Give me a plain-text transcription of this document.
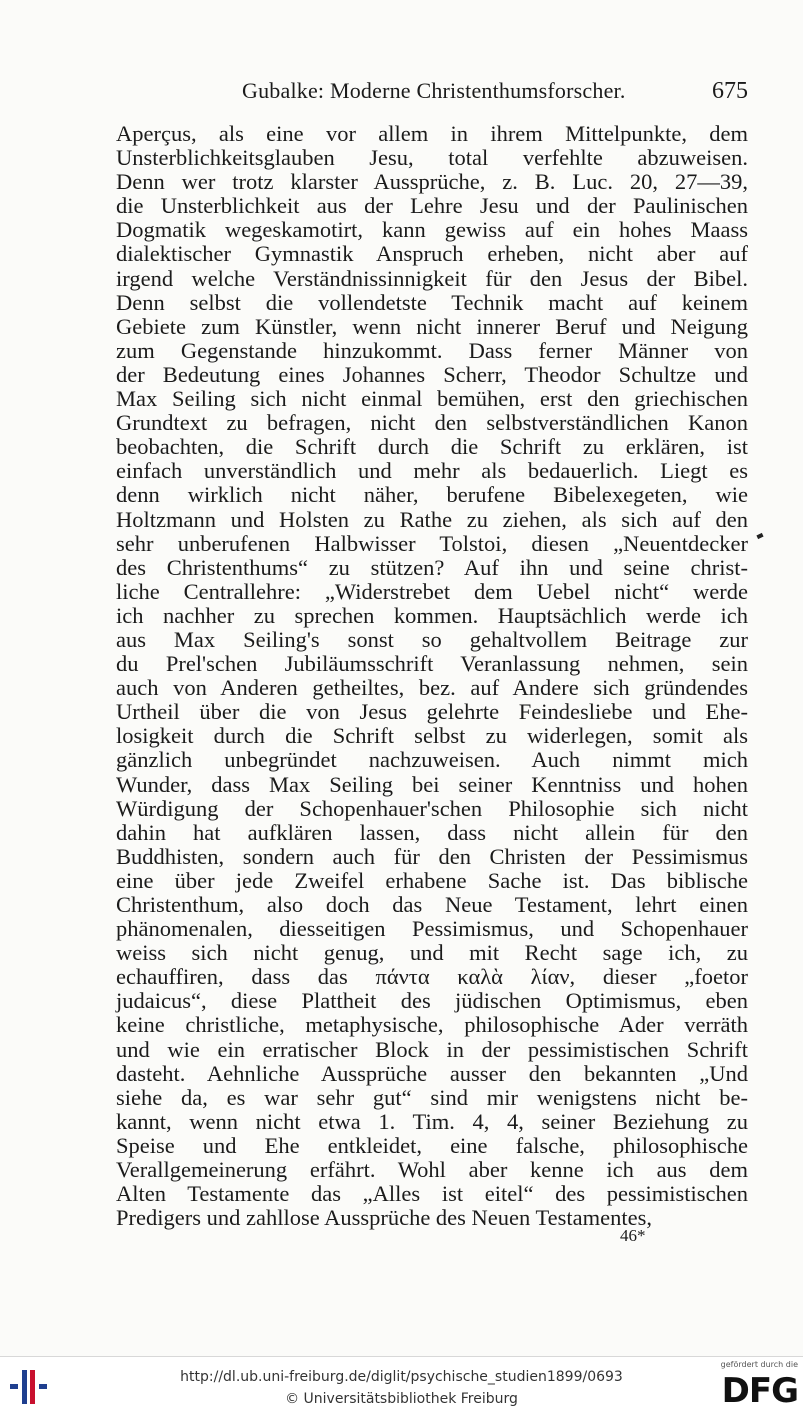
Gubalke: Moderne Christenthumsforscher.	675
Aperçus, als eine vor allem in ihrem Mittelpunkte, dem
Unsterblichkeitsglauben Jesu, total verfehlte abzuweisen.
Denn wer trotz klarster Aussprüche, z. B. Luc. 20, 27—39,
die Unsterblichkeit aus der Lehre Jesu und der Paulinischen
Dogmatik wegeskamotirt, kann gewiss auf ein hohes Maass
dialektischer Gymnastik Anspruch erheben, nicht aber auf
irgend welche Verständnissinnigkeit für den Jesus der Bibel.
Denn selbst die vollendetste Technik macht auf keinem
Gebiete zum Künstler, wenn nicht innerer Beruf und Neigung
zum Gegenstande hinzukommt. Dass ferner Männer von
der Bedeutung eines Johannes Scherr, Theodor Schultze und
Max Seiling sich nicht einmal bemühen, erst den griechischen
Grundtext zu befragen, nicht den selbstverständlichen Kanon
beobachten, die Schrift durch die Schrift zu erklären, ist
einfach unverständlich und mehr als bedauerlich. Liegt es
denn wirklich nicht näher, berufene Bibelexegeten, wie
Holtzmann und Holsten zu Rathe zu ziehen, als sich auf den
sehr unberufenen Halbwisser Tolstoi, diesen „Neuentdecker
des Christenthums“ zu stützen? Auf ihn und seine christ-
liche Centrallehre: „Widerstrebet dem Uebel nicht“ werde
ich nachher zu sprechen kommen. Hauptsächlich werde ich
aus Max Seiling's sonst so gehaltvollem Beitrage zur
du Prel'schen Jubiläumsschrift Veranlassung nehmen, sein
auch von Anderen getheiltes, bez. auf Andere sich gründendes
Urtheil über die von Jesus gelehrte Feindesliebe und Ehe-
losigkeit durch die Schrift selbst zu widerlegen, somit als
gänzlich unbegründet nachzuweisen. Auch nimmt mich
Wunder, dass Max Seiling bei seiner Kenntniss und hohen
Würdigung der Schopenhauer'schen Philosophie sich nicht
dahin hat aufklären lassen, dass nicht allein für den
Buddhisten, sondern auch für den Christen der Pessimismus
eine über jede Zweifel erhabene Sache ist. Das biblische
Christenthum, also doch das Neue Testament, lehrt einen
phänomenalen, diesseitigen Pessimismus, und Schopenhauer
weiss sich nicht genug, und mit Recht sage ich, zu
echauffiren, dass das πάντα καλὰ λίαν, dieser „foetor
judaicus“, diese Plattheit des jüdischen Optimismus, eben
keine christliche, metaphysische, philosophische Ader verräth
und wie ein erratischer Block in der pessimistischen Schrift
dasteht. Aehnliche Aussprüche ausser den bekannten „Und
siehe da, es war sehr gut“ sind mir wenigstens nicht be-
kannt, wenn nicht etwa 1. Tim. 4, 4, seiner Beziehung zu
Speise und Ehe entkleidet, eine falsche, philosophische
Verallgemeinerung erfährt. Wohl aber kenne ich aus dem
Alten Testamente das „Alles ist eitel“ des pessimistischen
Predigers und zahllose Aussprüche des Neuen Testamentes,
46*
http://dl.ub.uni-freiburg.de/diglit/psychische_studien1899/0693
© Universitätsbibliothek Freiburg
gefördert durch die
DFG
